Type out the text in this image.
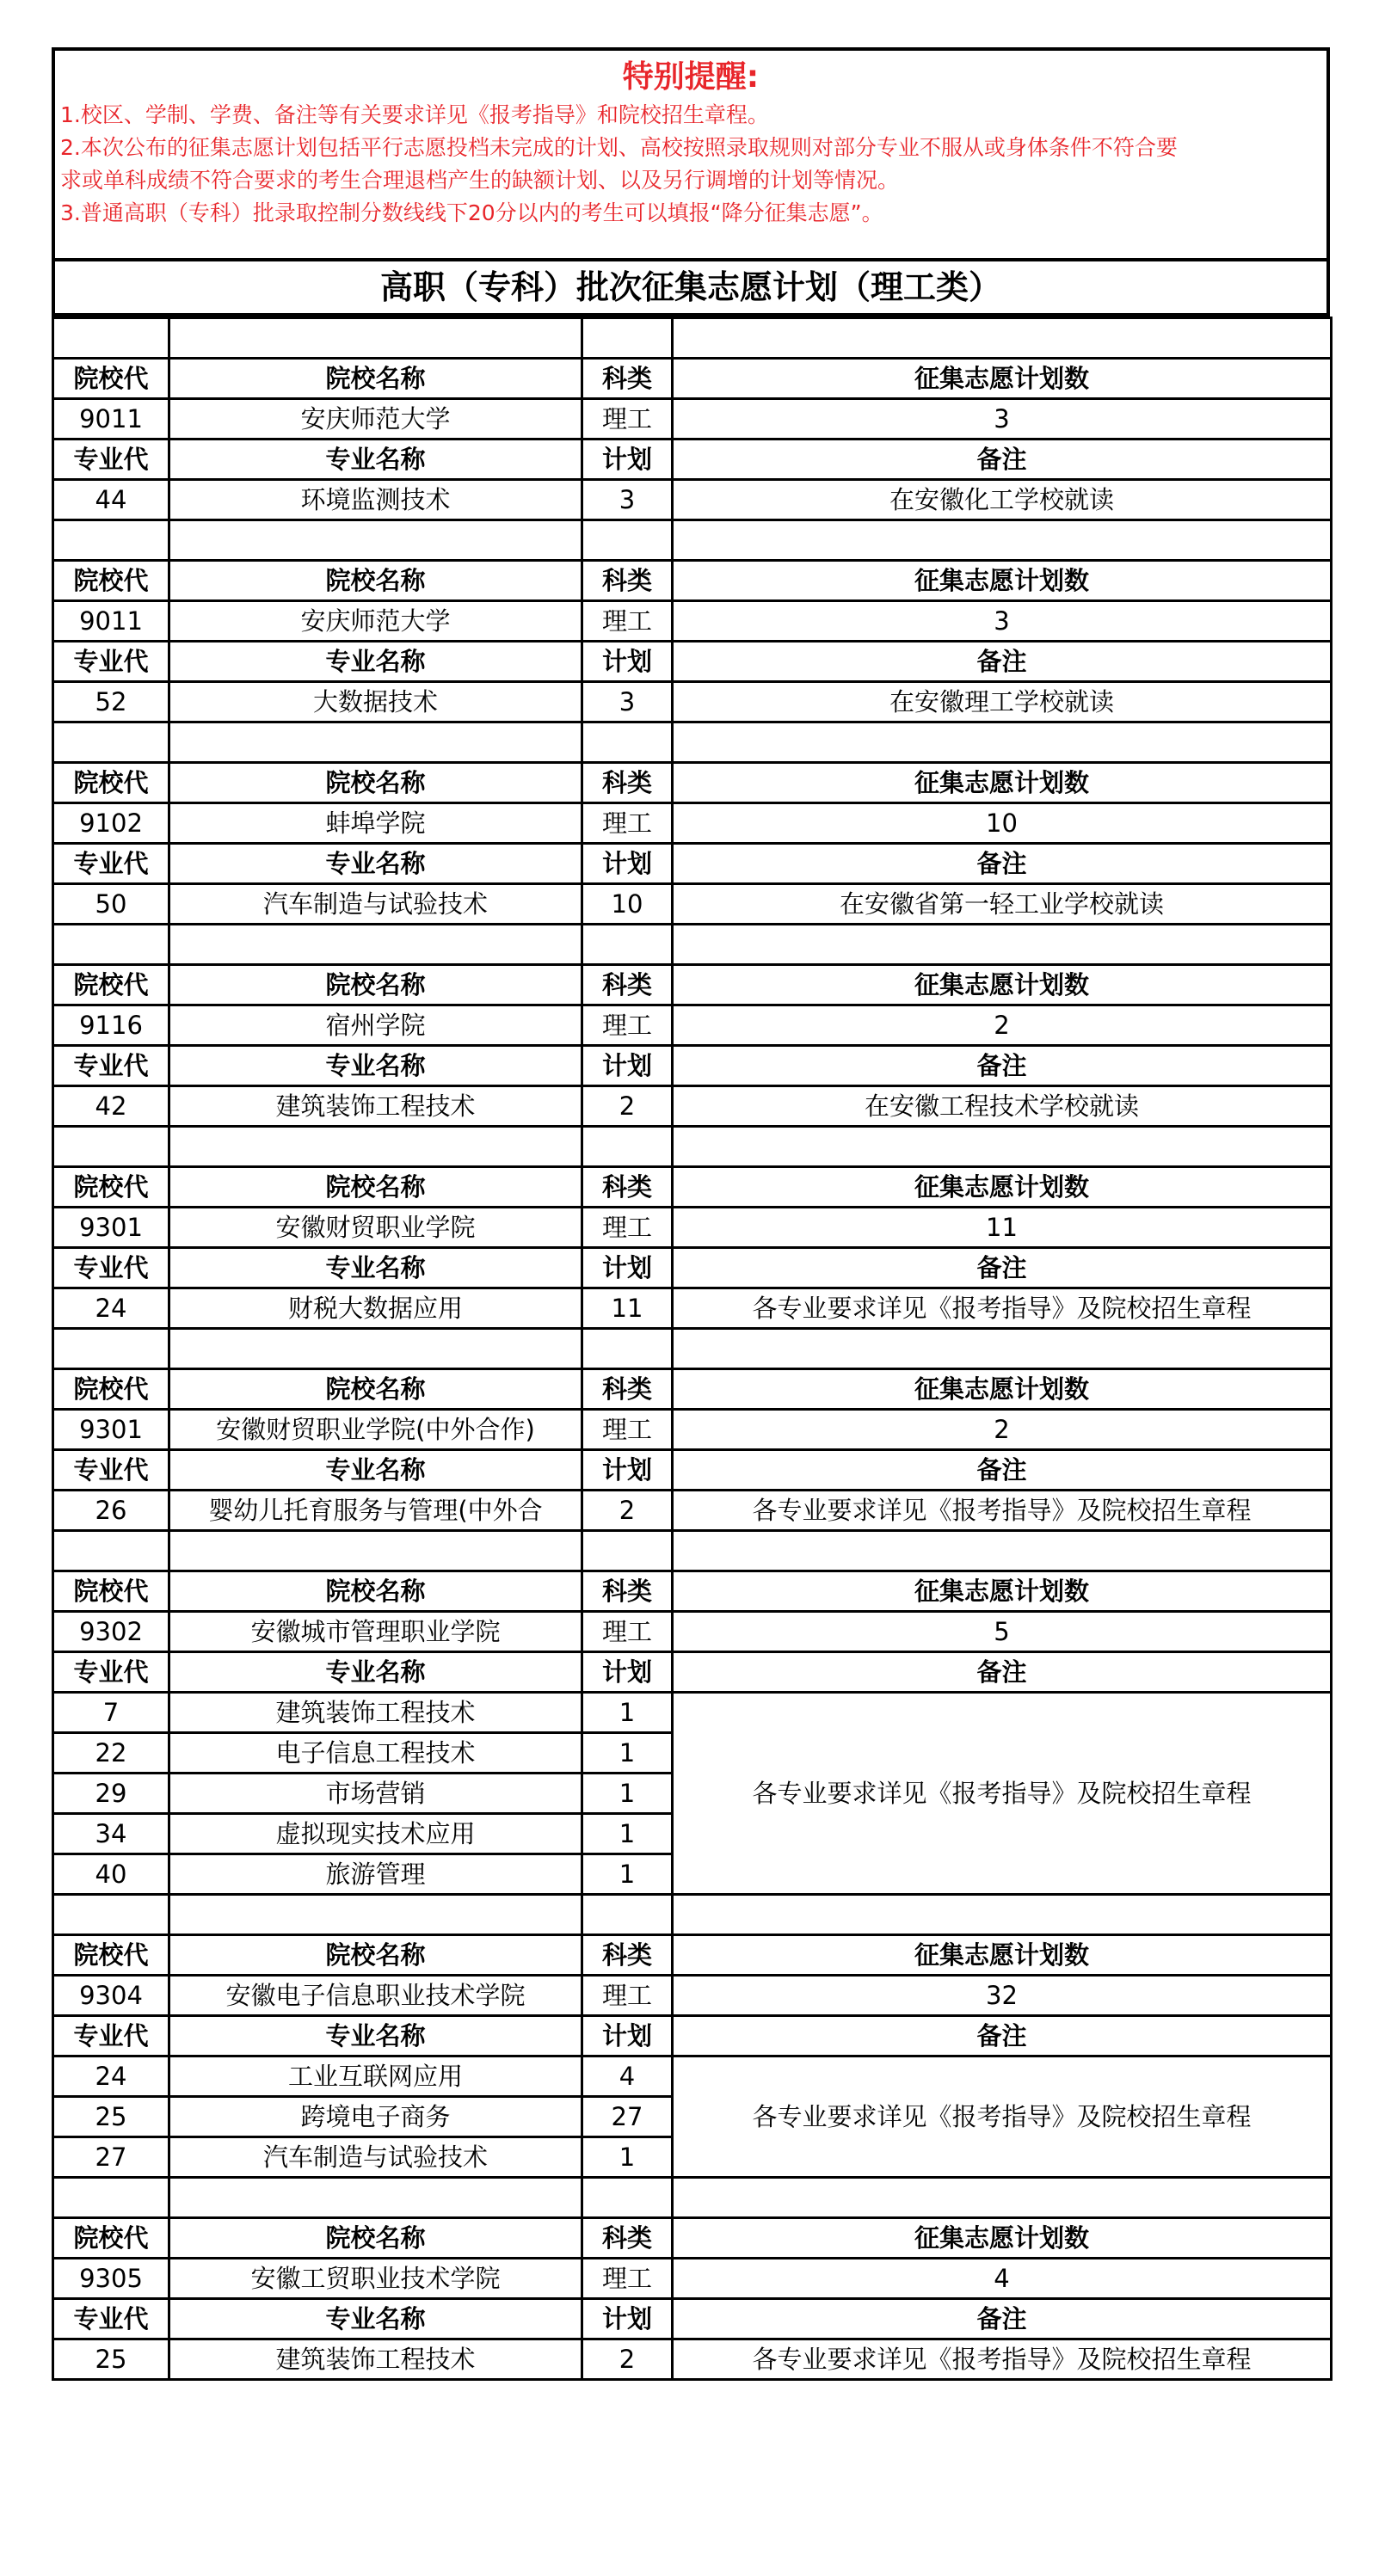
特别提醒:
1.校区、学制、学费、备注等有关要求详见《报考指导》和院校招生章程。
2.本次公布的征集志愿计划包括平行志愿投档未完成的计划、高校按照录取规则对部分专业不服从或身体条件不符合要
求或单科成绩不符合要求的考生合理退档产生的缺额计划、以及另行调增的计划等情况。
3.普通高职（专科）批录取控制分数线线下20分以内的考生可以填报“降分征集志愿”。
高职（专科）批次征集志愿计划（理工类）

院校代	院校名称	科类	征集志愿计划数
9011	安庆师范大学	理工	3
专业代	专业名称	计划	备注
44	环境监测技术	3	在安徽化工学校就读

院校代	院校名称	科类	征集志愿计划数
9011	安庆师范大学	理工	3
专业代	专业名称	计划	备注
52	大数据技术	3	在安徽理工学校就读

院校代	院校名称	科类	征集志愿计划数
9102	蚌埠学院	理工	10
专业代	专业名称	计划	备注
50	汽车制造与试验技术	10	在安徽省第一轻工业学校就读

院校代	院校名称	科类	征集志愿计划数
9116	宿州学院	理工	2
专业代	专业名称	计划	备注
42	建筑装饰工程技术	2	在安徽工程技术学校就读

院校代	院校名称	科类	征集志愿计划数
9301	安徽财贸职业学院	理工	11
专业代	专业名称	计划	备注
24	财税大数据应用	11	各专业要求详见《报考指导》及院校招生章程

院校代	院校名称	科类	征集志愿计划数
9301	安徽财贸职业学院(中外合作)	理工	2
专业代	专业名称	计划	备注
26	婴幼儿托育服务与管理(中外合	2	各专业要求详见《报考指导》及院校招生章程

院校代	院校名称	科类	征集志愿计划数
9302	安徽城市管理职业学院	理工	5
专业代	专业名称	计划	备注
7	建筑装饰工程技术	1	各专业要求详见《报考指导》及院校招生章程
22	电子信息工程技术	1	
29	市场营销	1	
34	虚拟现实技术应用	1	
40	旅游管理	1	

院校代	院校名称	科类	征集志愿计划数
9304	安徽电子信息职业技术学院	理工	32
专业代	专业名称	计划	备注
24	工业互联网应用	4	各专业要求详见《报考指导》及院校招生章程
25	跨境电子商务	27	
27	汽车制造与试验技术	1	

院校代	院校名称	科类	征集志愿计划数
9305	安徽工贸职业技术学院	理工	4
专业代	专业名称	计划	备注
25	建筑装饰工程技术	2	各专业要求详见《报考指导》及院校招生章程
